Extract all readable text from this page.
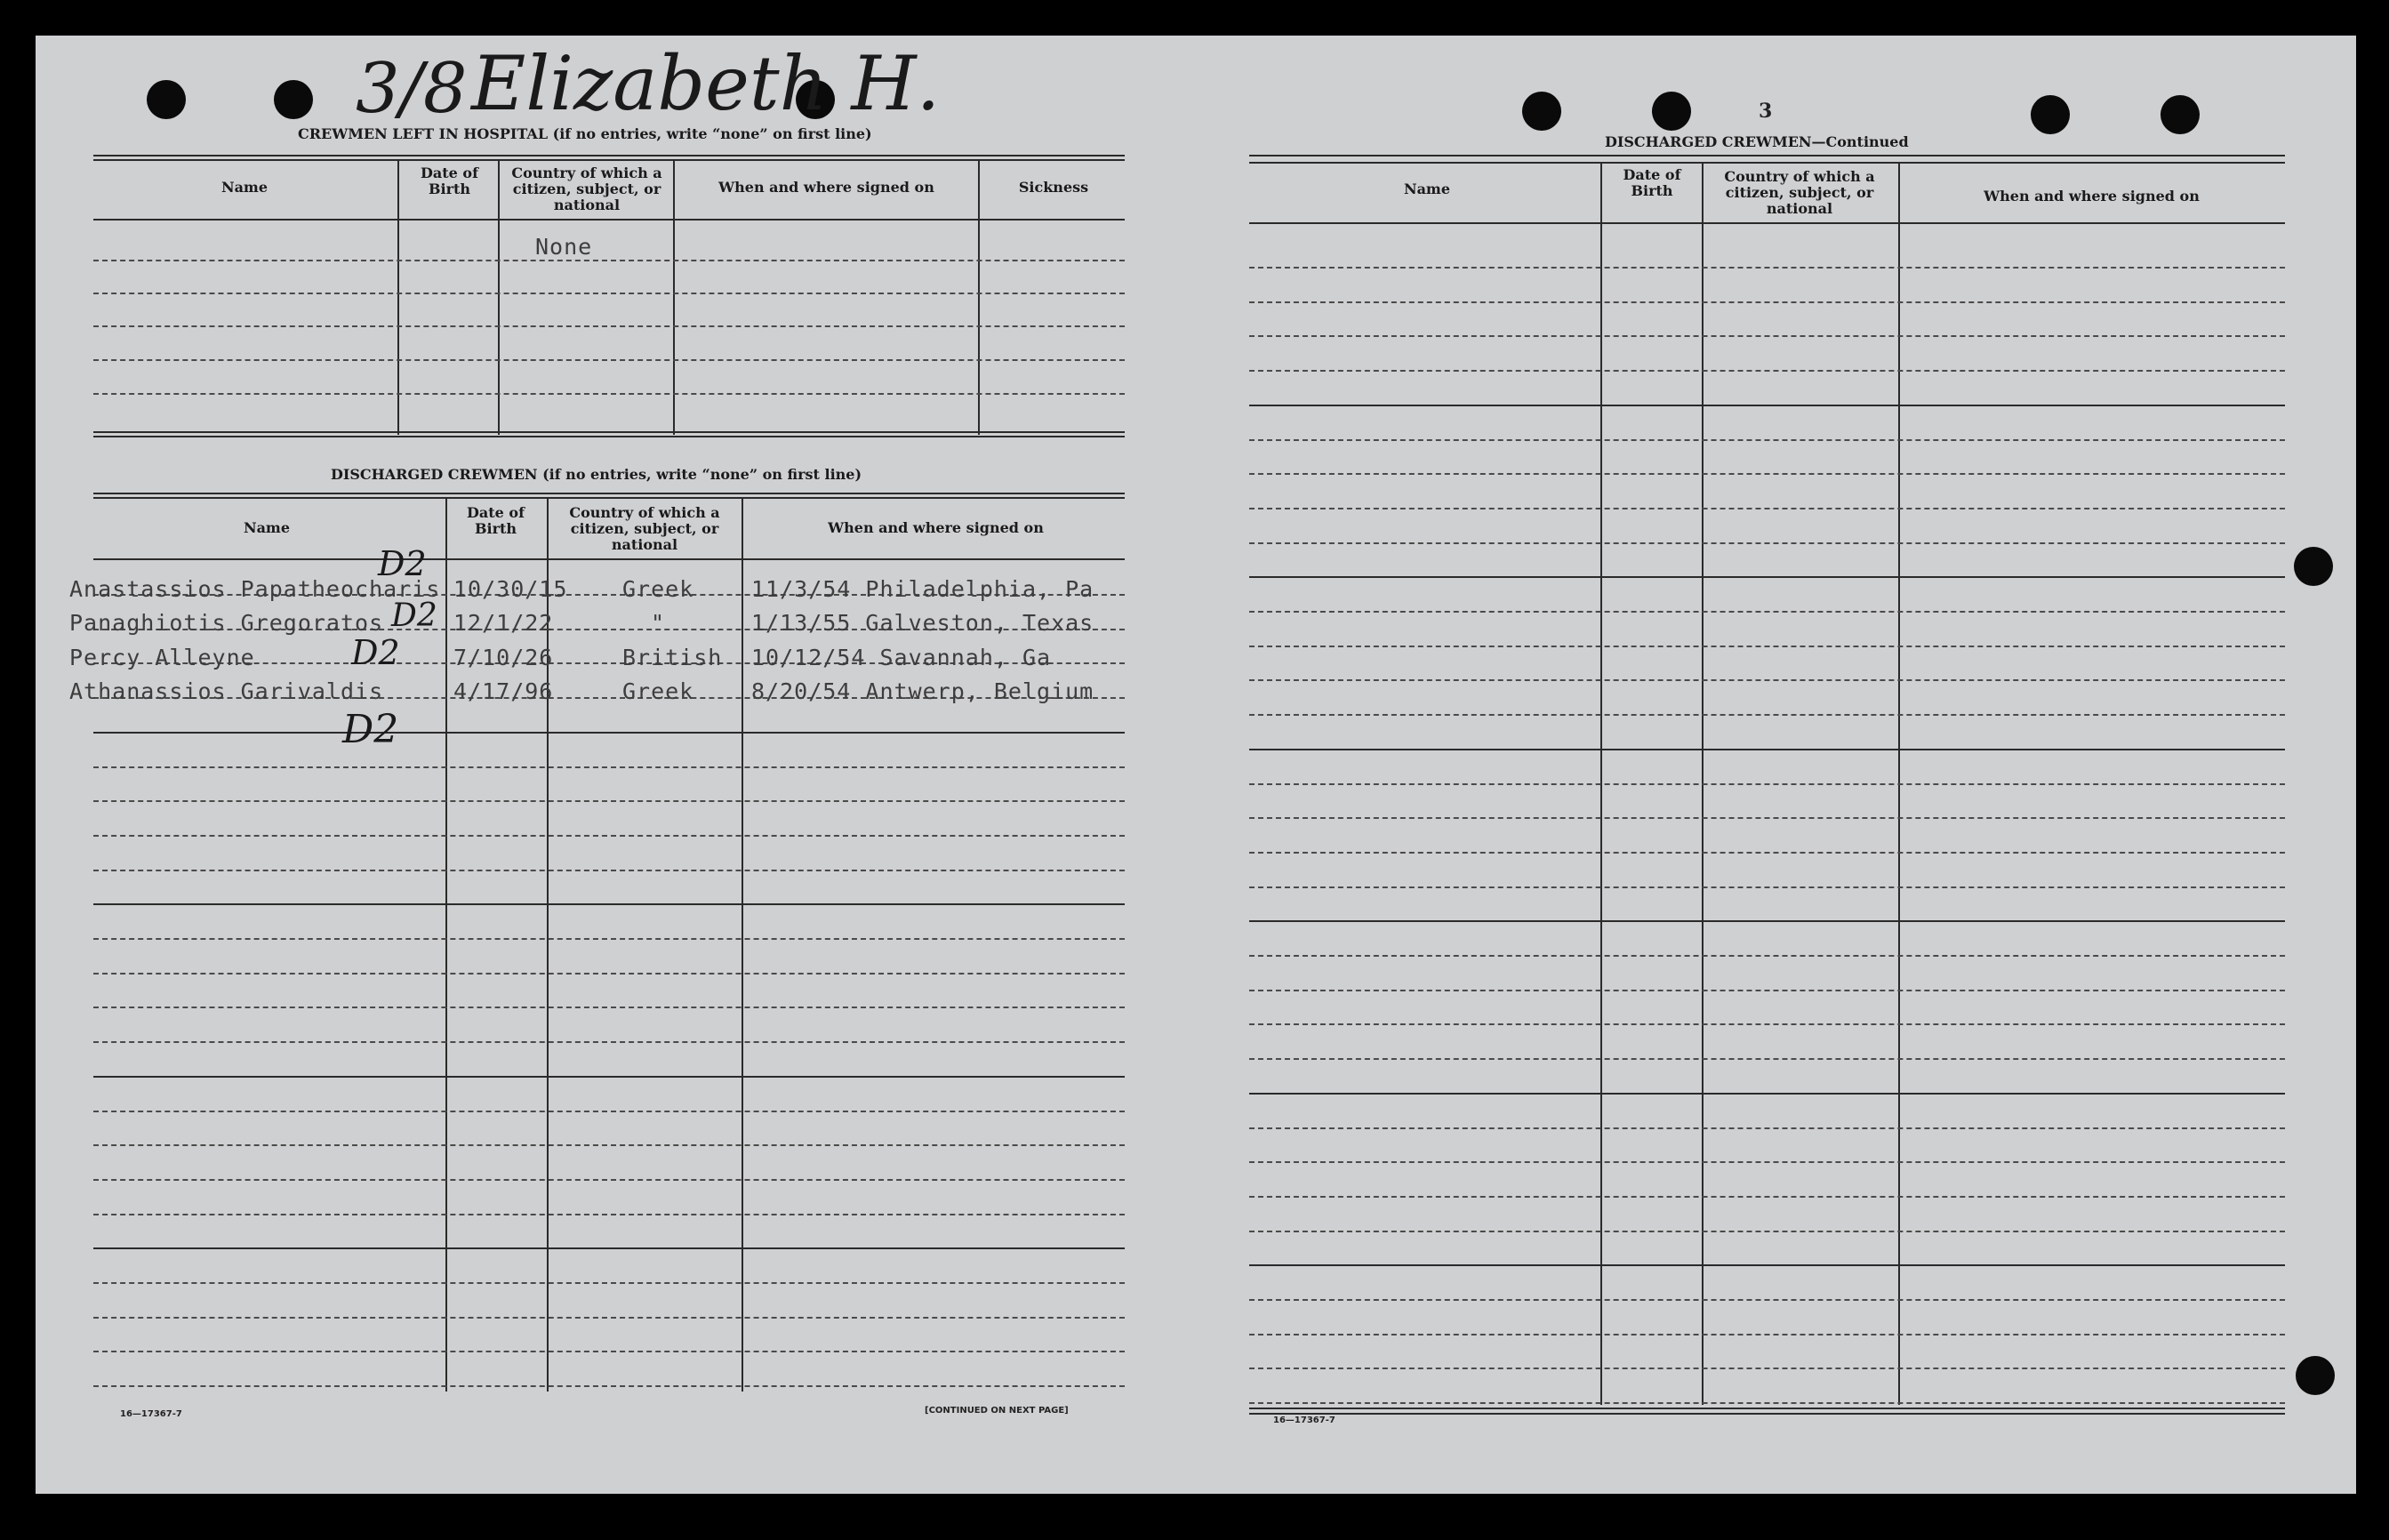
3/8 Elizabeth H.	3
CREWMEN LEFT IN HOSPITAL (if no entries, write “none” on first line)
Name
Date of Birth
Country of which a citizen, subject, or national
When and where signed on	Sickness
None
DISCHARGED CREWMEN (if no entries, write “none” on first line)
Name
Date of Birth
Country of which a citizen, subject, or national
When and where signed on
Anastassios Papatheocharis 10/30/15 Greek	11/3/54 Philadelphia, Pa
Panaghiotis Gregoratos	12/1/22	"	1/13/55 Galveston, Texas
Percy Alleyne	7/10/26	British 10/12/54 Savannah, Ga
Athanassios Garivaldis	4/17/96	Greek	8/20/54 Antwerp, Belgium
D2
D2
D2
D2
16—17367-7	[CONTINUED ON NEXT PAGE]
DISCHARGED CREWMEN—Continued
Name
Date of Birth
Country of which a citizen, subject, or national
When and where signed on
16—17367-7
